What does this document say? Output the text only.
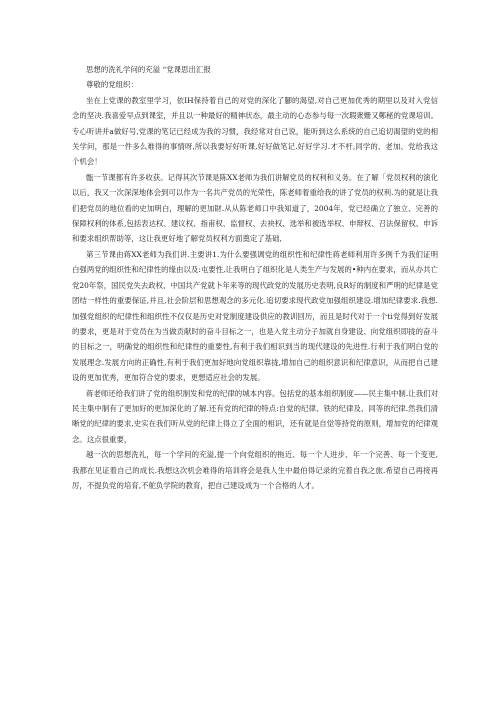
思想的洗礼学问的充溢 “党课思出汇报

尊敬的党组织：

坐在上党课的教室里学习，依IH保持着自己的对党的深化了腳的渴望,对自己更加优秀的期里以及对入党信念的坚决.我喜爱早点到课室，并且以一种最好的精神状态，最主动的心态参与每一次瑕衆姗又鄭秘的党课培训。专心听讲并a做好号,党课的笔记已经成为我的习惯，我经常对自己说，能听到这么系统的自己追切渴望的党的相关学问，那是一件多么难得的事情呀,所以我要好好听课,好好做笔记.好好学习.才不杆,同学的、老加、党给我这个机会！

甑一节课都有许多收获。记得其次节课是陈XX老师为我们讲解党员的权利和义务。在了解「党员权利的演化以后，我又一次深深地体会到可以作为一名共产党员的光荣性，陈老师着重给我的讲了党员的权利.为的就是让我们把党员的地位看的史加明白，理解的更加財.从从陈老师口中我知道了，2004年，党已经确立了独立、完善的保障权利的体系,包括表达权、建议权、指甫权、监督权、去袂权、选举和被选举权、申辩权、召法保留权、申诉和要求组织帮助等，这让我更好地了解党员权利方面奠定了基础,

第三节课由蒋XX老师为我们讲.主要讲1.为什么要强调党的组织性和纪律性蒋老师利用许多例千为我们证明白强两党的组织性和纪律性的缘由以及:屯要性,让我明白了组织化是人类生产与发展的•种内在要求，而从办共亡党20年祭，国民党失去政权、中国共产党就卜年来等的现代政党的发展历史表明,良R好的制度和严明的纪律是党团结一样性的重要保证,并且,社会阶层和思想观念的多元化.追切要求现代政党加强组织建设.增加纪律要求.我想.加强党组织的纪律性和组织性不仅仅是历史对党制度建设供应的教训回历，而且是时代对于一个ti党得到好发展的要求，更是对于党员在为当做贡献时的奋斗目标之一，也是入党主动分子加就自身建设、向党组织即拢的奋斗的目标之一，明确党的组织性和纪律性的重要性,有利于我们相识到当的现代建设的先进性.行利于我们明白党的发展理念.发展方向的正确性,有利于我们更加好地向党组织靠拢,增加自己的组织意识和纪律意识，从而把自己建设的更加优秀，更加符合党的要求，更想适应社会的发展。

蒋老师还给我们讲了党的组织制发和党的纪律的城本内容。包括党的基本组织制度——民主集中制.让我们对民主集中制有了更加好的更加深化的了解.还有党的纪律的特点:自觉的纪律、铁的纪律及、同等的纪律.然我们清晰党的纪律的要求,史实在我们听从党的纪律上得立了全面的相识，还有就是自觉等持党的原则，增加党的纪律观念。这点很重要，

越一次的思想洗礼，每一个学问的充溢,提一个向党组织的拖近、每一个人进步、年一个完善、每一个变更,我都在见证着自己的成长.我想这次机会难得的培训将会是我人生中最伯得记录的完着自我之旅.希望自己再接再厉，不提负党的培育,不舵负学院的教育，把自己建设成为一个合格的人才。
